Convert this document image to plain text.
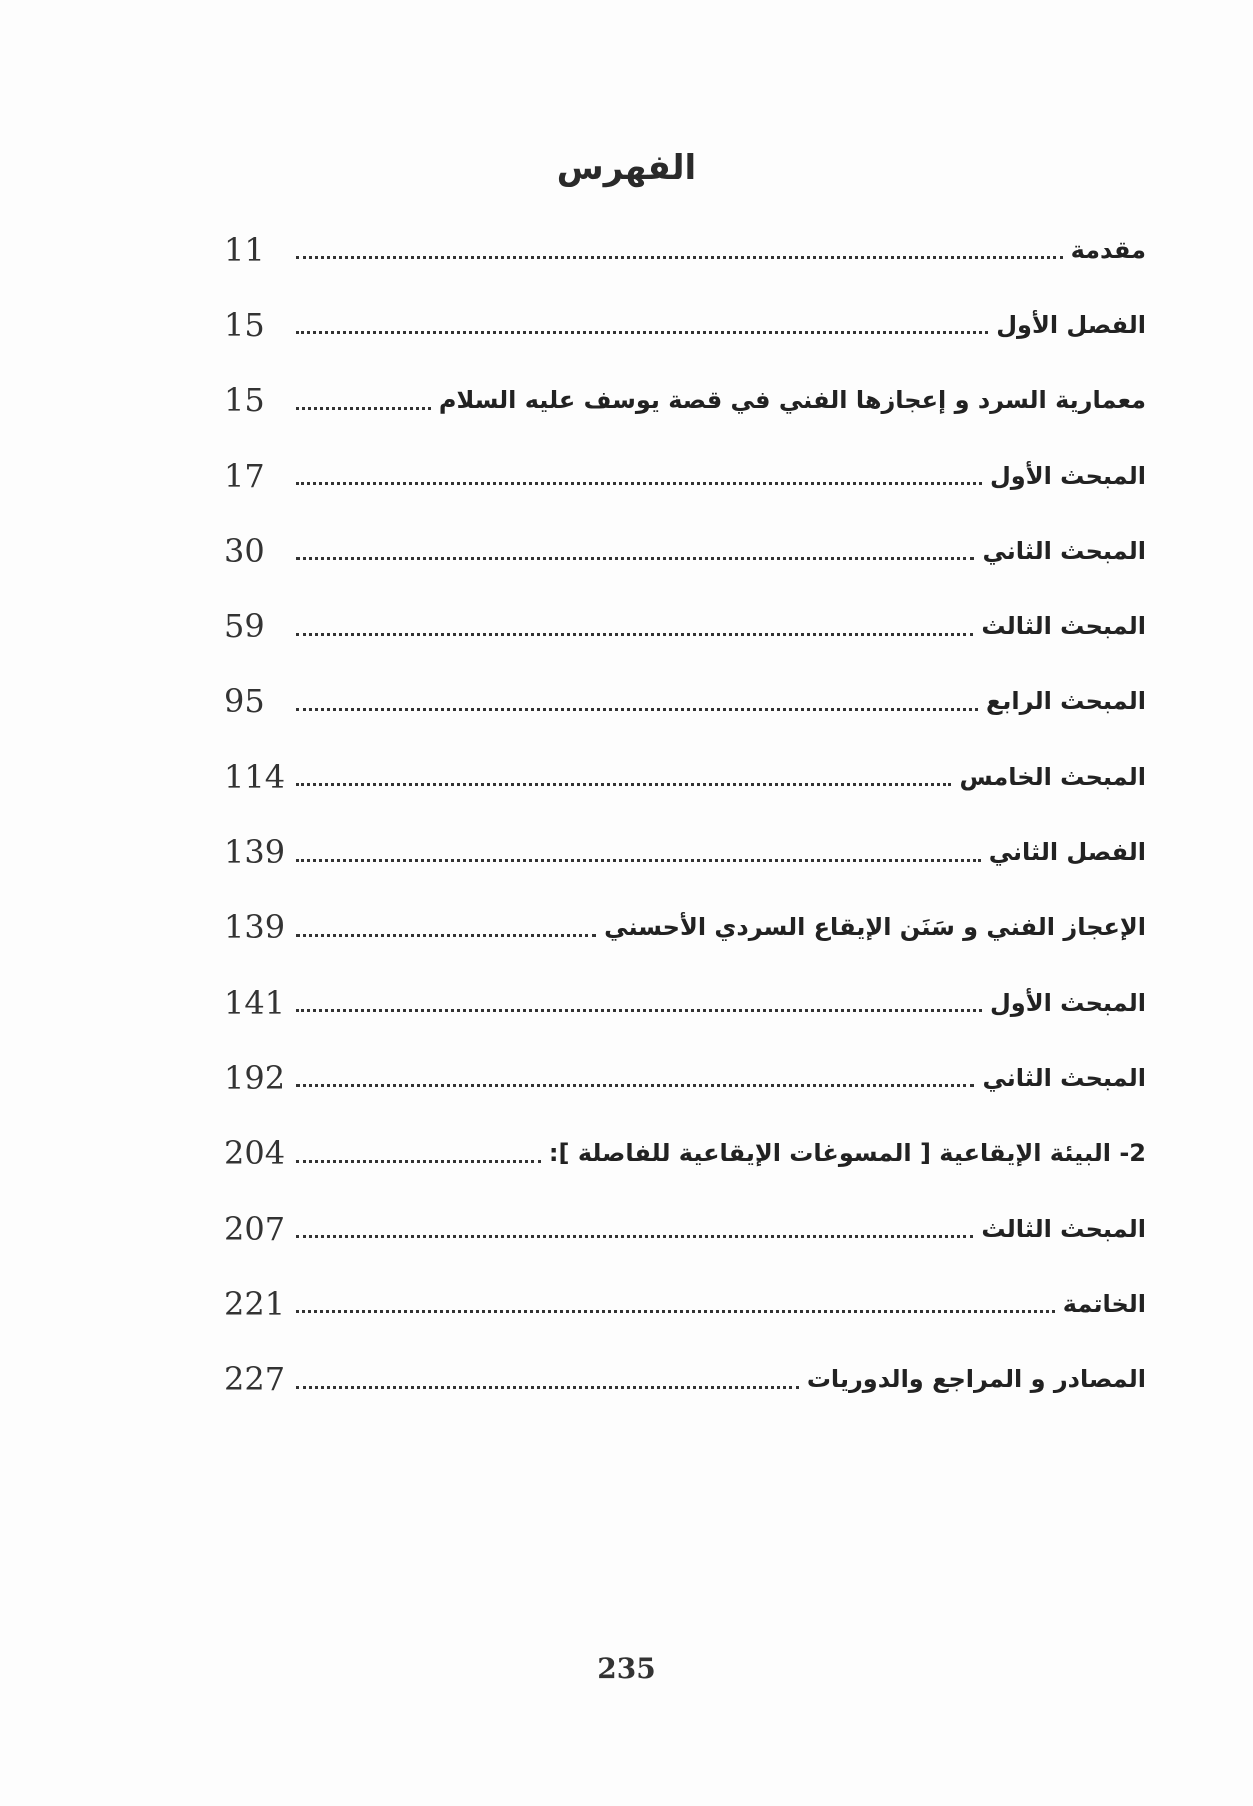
الفهرس
11	مقدمة
15	الفصل الأول
15	معمارية السرد و إعجازها الفني في قصة يوسف عليه السلام
17	المبحث الأول
30	المبحث الثاني
59	المبحث الثالث
95	المبحث الرابع
114	المبحث الخامس
139	الفصل الثاني
139	الإعجاز الفني و سَنَن الإيقاع السردي الأحسني
141	المبحث الأول
192	المبحث الثاني
204	2- البيئة الإيقاعية [ المسوغات الإيقاعية للفاصلة ]:
207	المبحث الثالث
221	الخاتمة
227	المصادر و المراجع والدوريات
235
